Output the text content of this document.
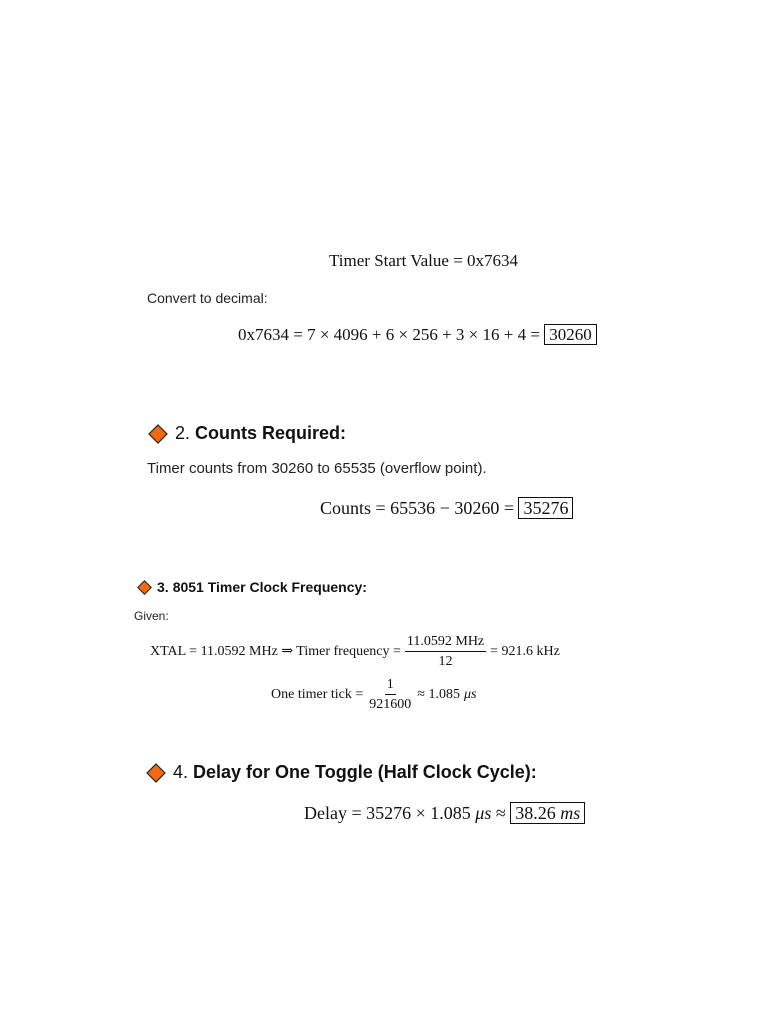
Timer Start Value = 0x7634
Convert to decimal:
0x7634 = 7 × 4096 + 6 × 256 + 3 × 16 + 4 = 30260
2. Counts Required:
Timer counts from 30260 to 65535 (overflow point).
Counts = 65536 − 30260 = 35276
3. 8051 Timer Clock Frequency:
Given:
XTAL = 11.0592 MHz ⇒ Timer frequency = $\frac{\text{11.0592 MHz}}{12} = 921.6$ kHz
One timer tick = $\frac{1}{921600} \approx 1.085$ μs
4. Delay for One Toggle (Half Clock Cycle):
Delay = 35276 × 1.085 μs ≈ 38.26 ms
